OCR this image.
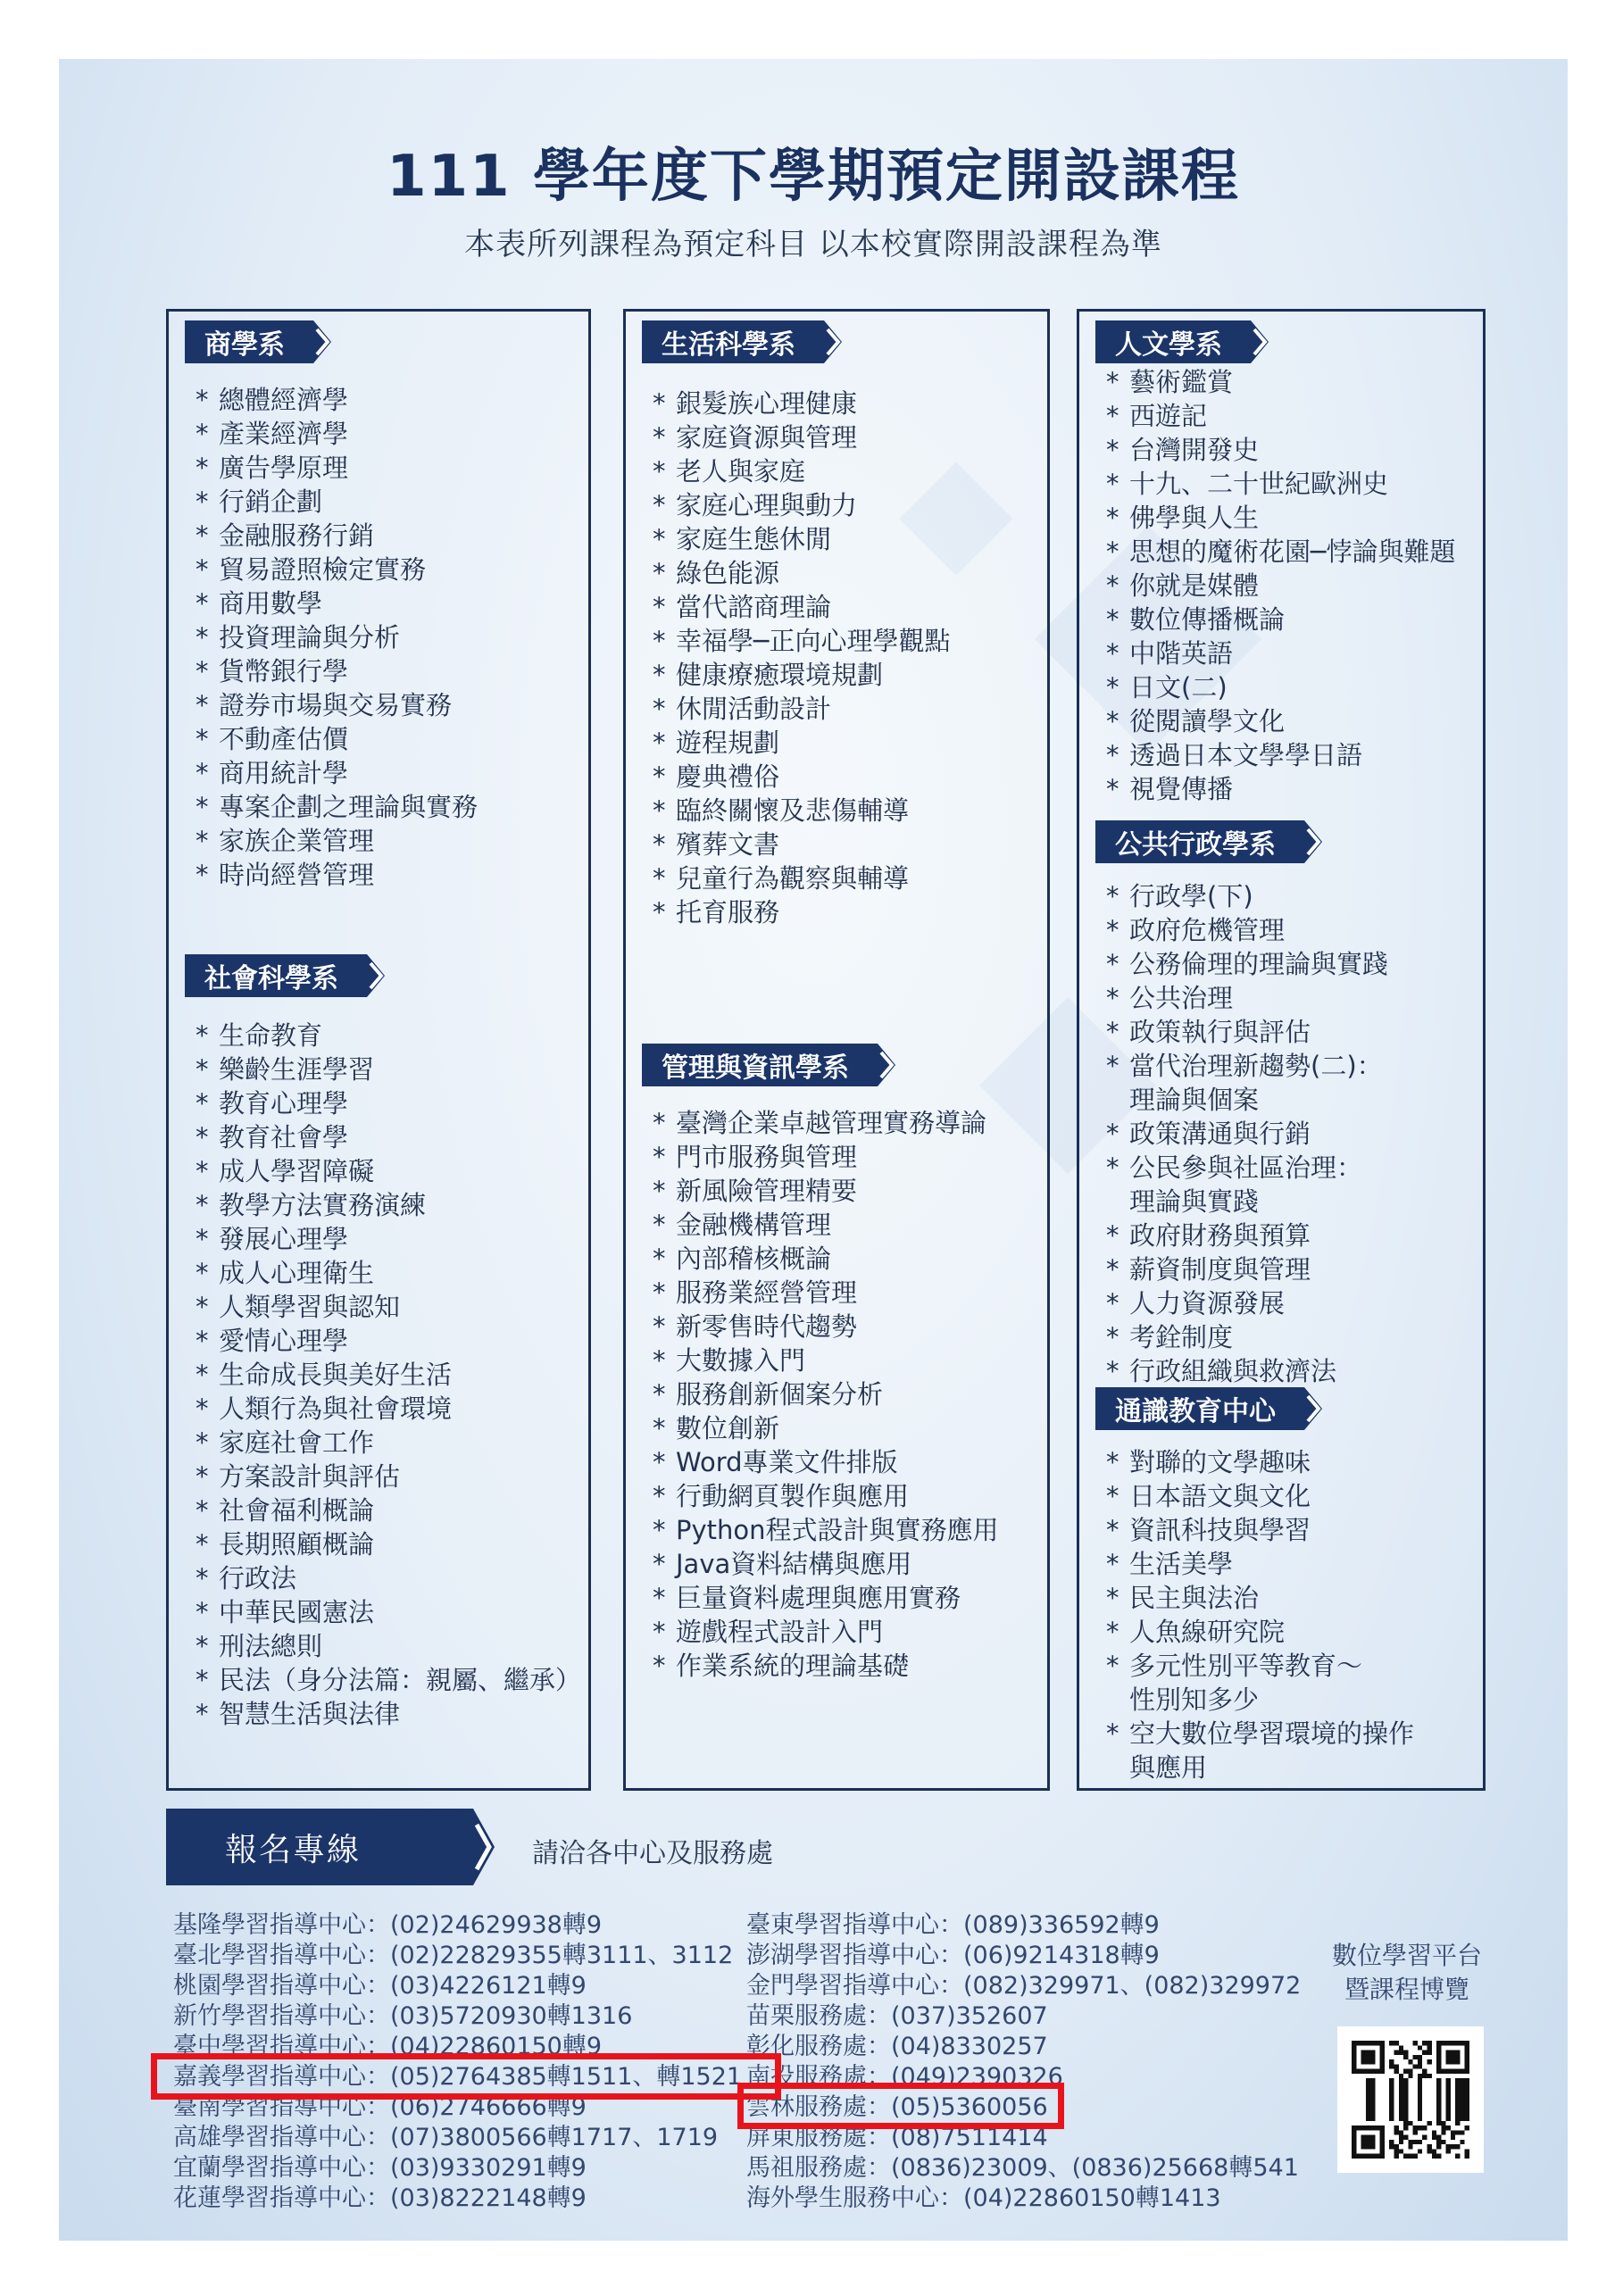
111 學年度下學期預定開設課程
本表所列課程為預定科目 以本校實際開設課程為準
商學系
* 總體經濟學
* 產業經濟學
* 廣告學原理
* 行銷企劃
* 金融服務行銷
* 貿易證照檢定實務
* 商用數學
* 投資理論與分析
* 貨幣銀行學
* 證券市場與交易實務
* 不動產估價
* 商用統計學
* 專案企劃之理論與實務
* 家族企業管理
* 時尚經營管理
社會科學系
* 生命教育
* 樂齡生涯學習
* 教育心理學
* 教育社會學
* 成人學習障礙
* 教學方法實務演練
* 發展心理學
* 成人心理衛生
* 人類學習與認知
* 愛情心理學
* 生命成長與美好生活
* 人類行為與社會環境
* 家庭社會工作
* 方案設計與評估
* 社會福利概論
* 長期照顧概論
* 行政法
* 中華民國憲法
* 刑法總則
* 民法（身分法篇：親屬、繼承）
* 智慧生活與法律
生活科學系
* 銀髮族心理健康
* 家庭資源與管理
* 老人與家庭
* 家庭心理與動力
* 家庭生態休閒
* 綠色能源
* 當代諮商理論
* 幸福學─正向心理學觀點
* 健康療癒環境規劃
* 休閒活動設計
* 遊程規劃
* 慶典禮俗
* 臨終關懷及悲傷輔導
* 殯葬文書
* 兒童行為觀察與輔導
* 托育服務
管理與資訊學系
* 臺灣企業卓越管理實務導論
* 門市服務與管理
* 新風險管理精要
* 金融機構管理
* 內部稽核概論
* 服務業經營管理
* 新零售時代趨勢
* 大數據入門
* 服務創新個案分析
* 數位創新
* Word專業文件排版
* 行動網頁製作與應用
* Python程式設計與實務應用
* Java資料結構與應用
* 巨量資料處理與應用實務
* 遊戲程式設計入門
* 作業系統的理論基礎
人文學系
* 藝術鑑賞
* 西遊記
* 台灣開發史
* 十九、二十世紀歐洲史
* 佛學與人生
* 思想的魔術花園─悖論與難題
* 你就是媒體
* 數位傳播概論
* 中階英語
* 日文(二)
* 從閱讀學文化
* 透過日本文學學日語
* 視覺傳播
公共行政學系
* 行政學(下)
* 政府危機管理
* 公務倫理的理論與實踐
* 公共治理
* 政策執行與評估
* 當代治理新趨勢(二)：
理論與個案
* 政策溝通與行銷
* 公民參與社區治理：
理論與實踐
* 政府財務與預算
* 薪資制度與管理
* 人力資源發展
* 考銓制度
* 行政組織與救濟法
通識教育中心
* 對聯的文學趣味
* 日本語文與文化
* 資訊科技與學習
* 生活美學
* 民主與法治
* 人魚線研究院
* 多元性別平等教育～
性別知多少
* 空大數位學習環境的操作
與應用
報名專線	請洽各中心及服務處
基隆學習指導中心：(02)24629938轉9
臺北學習指導中心：(02)22829355轉3111、3112
桃園學習指導中心：(03)4226121轉9
新竹學習指導中心：(03)5720930轉1316
臺中學習指導中心：(04)22860150轉9
嘉義學習指導中心：(05)2764385轉1511、轉1521
臺南學習指導中心：(06)2746666轉9
高雄學習指導中心：(07)3800566轉1717、1719
宜蘭學習指導中心：(03)9330291轉9
花蓮學習指導中心：(03)8222148轉9
臺東學習指導中心：(089)336592轉9
澎湖學習指導中心：(06)9214318轉9
金門學習指導中心：(082)329971、(082)329972
苗栗服務處：(037)352607
彰化服務處：(04)8330257
南投服務處：(049)2390326
雲林服務處：(05)5360056
屏東服務處：(08)7511414
馬祖服務處：(0836)23009、(0836)25668轉541
海外學生服務中心：(04)22860150轉1413
數位學習平台
暨課程博覽
